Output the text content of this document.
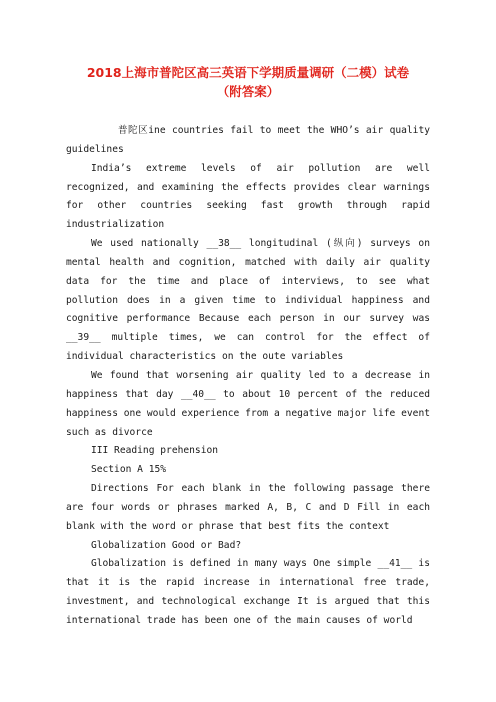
2018上海市普陀区高三英语下学期质量调研（二模）试卷
（附答案）

普陀区ine countries fail to meet the WHO’s air quality guidelines

India’s extreme levels of air pollution are well recognized, and examining the effects provides clear warnings for other countries seeking fast growth through rapid industrialization

We used nationally __38__ longitudinal (纵向) surveys on mental health and cognition, matched with daily air quality data for the time and place of interviews, to see what pollution does in a given time to individual happiness and cognitive performance Because each person in our survey was __39__ multiple times, we can control for the effect of individual characteristics on the oute variables

We found that worsening air quality led to a decrease in happiness that day __40__ to about 10 percent of the reduced happiness one would experience from a negative major life event such as divorce

III Reading prehension

Section A 15%

Directions For each blank in the following passage there are four words or phrases marked A, B, C and D Fill in each blank with the word or phrase that best fits the context

Globalization Good or Bad?

Globalization is defined in many ways One simple __41__ is that it is the rapid increase in international free trade, investment, and technological exchange It is argued that this international trade has been one of the main causes of world
